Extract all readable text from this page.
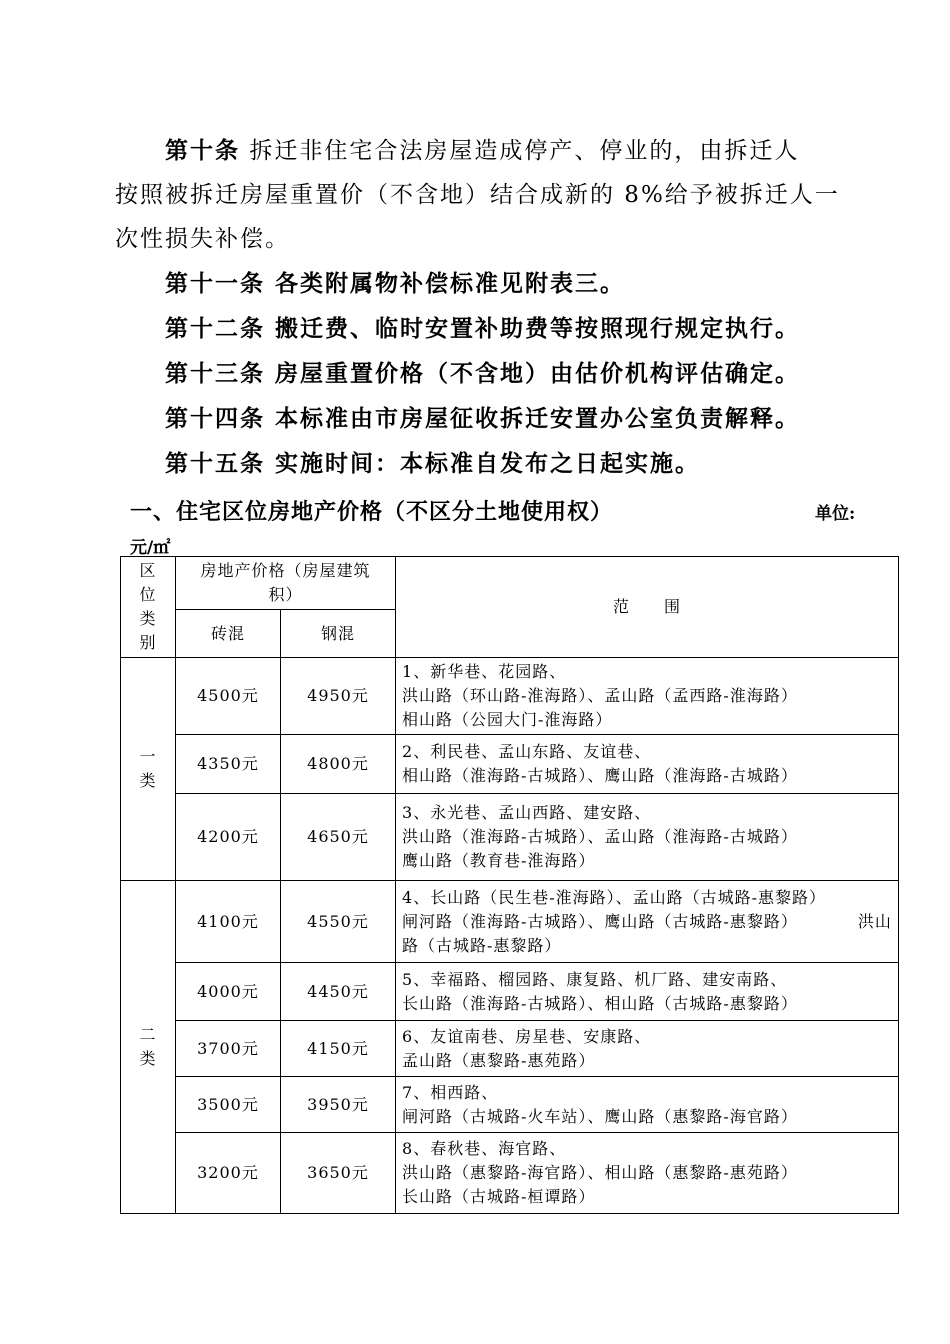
第十条 拆迁非住宅合法房屋造成停产、停业的，由拆迁人
按照被拆迁房屋重置价（不含地）结合成新的 8%给予被拆迁人一
次性损失补偿。
第十一条 各类附属物补偿标准见附表三。
第十二条 搬迁费、临时安置补助费等按照现行规定执行。
第十三条 房屋重置价格（不含地）由估价机构评估确定。
第十四条 本标准由市房屋征收拆迁安置办公室负责解释。
第十五条 实施时间：本标准自发布之日起实施。
一、住宅区位房地产价格（不区分土地使用权）	单位:
元/㎡
区位类别	房地产价格（房屋建筑积）		范　　围
	砖混	钢混	
一类	4500元	4950元	1、新华巷、花园路、
洪山路（环山路-淮海路）、孟山路（孟西路-淮海路）
相山路（公园大门-淮海路）

	4350元	4800元	2、利民巷、孟山东路、友谊巷、
相山路（淮海路-古城路）、鹰山路（淮海路-古城路）

	4200元	4650元	3、永光巷、孟山西路、建安路、
洪山路（淮海路-古城路）、孟山路（淮海路-古城路）
鹰山路（教育巷-淮海路）

二类	4100元	4550元	4、长山路（民生巷-淮海路）、孟山路（古城路-惠黎路）　　　　闸河路（淮海路-古城路）、鹰山路（古城路-惠黎路）　　　　洪山路（古城路-惠黎路）

	4000元	4450元	5、幸福路、榴园路、康复路、机厂路、建安南路、
长山路（淮海路-古城路）、相山路（古城路-惠黎路）

	3700元	4150元	6、友谊南巷、房星巷、安康路、
孟山路（惠黎路-惠苑路）

	3500元	3950元	7、相西路、
闸河路（古城路-火车站）、鹰山路（惠黎路-海官路）

	3200元	3650元	8、春秋巷、海官路、
洪山路（惠黎路-海官路）、相山路（惠黎路-惠苑路）
长山路（古城路-桓谭路）
